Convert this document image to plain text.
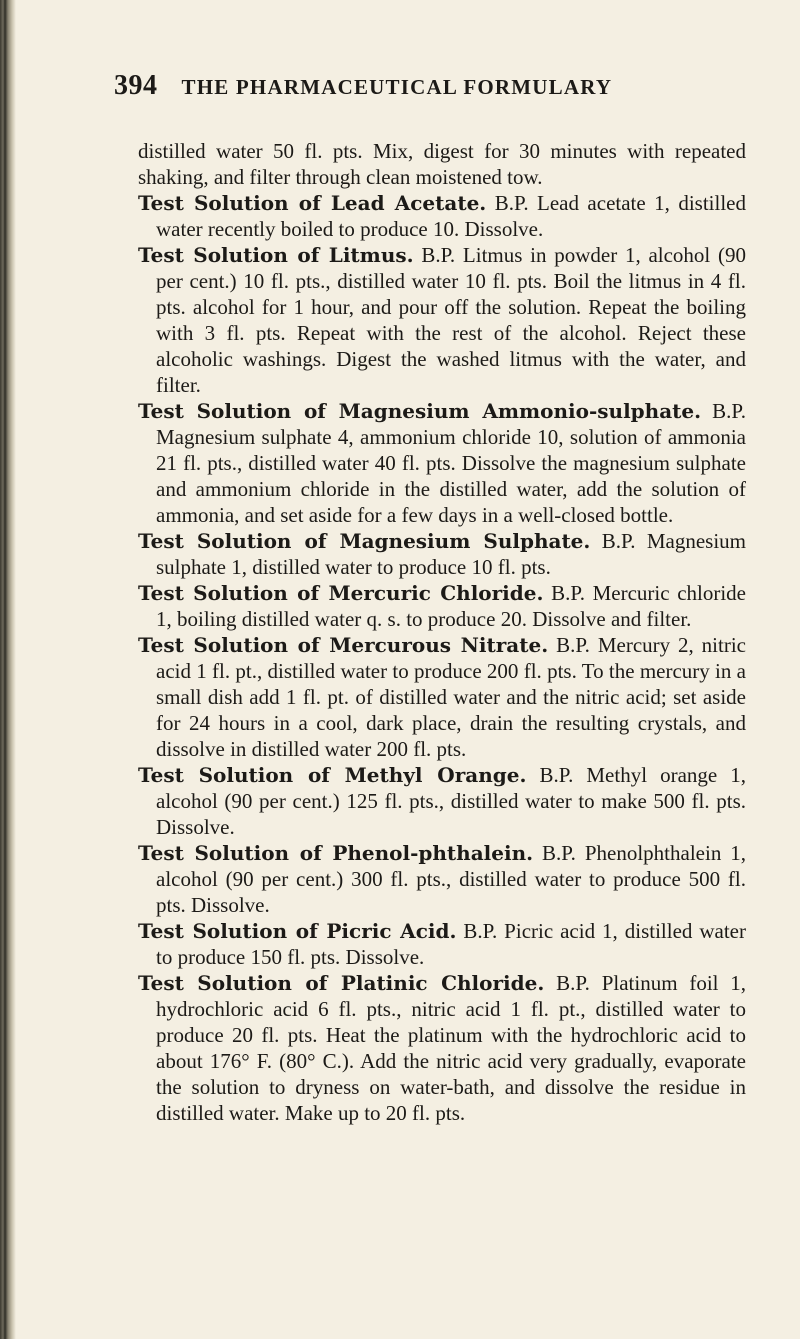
394 THE PHARMACEUTICAL FORMULARY

distilled water 50 fl. pts. Mix, digest for 30 minutes with repeated shaking, and filter through clean moistened tow.

Test Solution of Lead Acetate. B.P. Lead acetate 1, distilled water recently boiled to produce 10. Dissolve.

Test Solution of Litmus. B.P. Litmus in powder 1, alcohol (90 per cent.) 10 fl. pts., distilled water 10 fl. pts. Boil the litmus in 4 fl. pts. alcohol for 1 hour, and pour off the solution. Repeat the boiling with 3 fl. pts. Repeat with the rest of the alcohol. Reject these alcoholic washings. Digest the washed litmus with the water, and filter.

Test Solution of Magnesium Ammonio-sulphate. B.P. Magnesium sulphate 4, ammonium chloride 10, solution of ammonia 21 fl. pts., distilled water 40 fl. pts. Dissolve the magnesium sulphate and ammonium chloride in the distilled water, add the solution of ammonia, and set aside for a few days in a well-closed bottle.

Test Solution of Magnesium Sulphate. B.P. Magnesium sulphate 1, distilled water to produce 10 fl. pts.

Test Solution of Mercuric Chloride. B.P. Mercuric chloride 1, boiling distilled water q. s. to produce 20. Dissolve and filter.

Test Solution of Mercurous Nitrate. B.P. Mercury 2, nitric acid 1 fl. pt., distilled water to produce 200 fl. pts. To the mercury in a small dish add 1 fl. pt. of distilled water and the nitric acid; set aside for 24 hours in a cool, dark place, drain the resulting crystals, and dissolve in distilled water 200 fl. pts.

Test Solution of Methyl Orange. B.P. Methyl orange 1, alcohol (90 per cent.) 125 fl. pts., distilled water to make 500 fl. pts. Dissolve.

Test Solution of Phenol-phthalein. B.P. Phenolphthalein 1, alcohol (90 per cent.) 300 fl. pts., distilled water to produce 500 fl. pts. Dissolve.

Test Solution of Picric Acid. B.P. Picric acid 1, distilled water to produce 150 fl. pts. Dissolve.

Test Solution of Platinic Chloride. B.P. Platinum foil 1, hydrochloric acid 6 fl. pts., nitric acid 1 fl. pt., distilled water to produce 20 fl. pts. Heat the platinum with the hydrochloric acid to about 176° F. (80° C.). Add the nitric acid very gradually, evaporate the solution to dryness on water-bath, and dissolve the residue in distilled water. Make up to 20 fl. pts.
